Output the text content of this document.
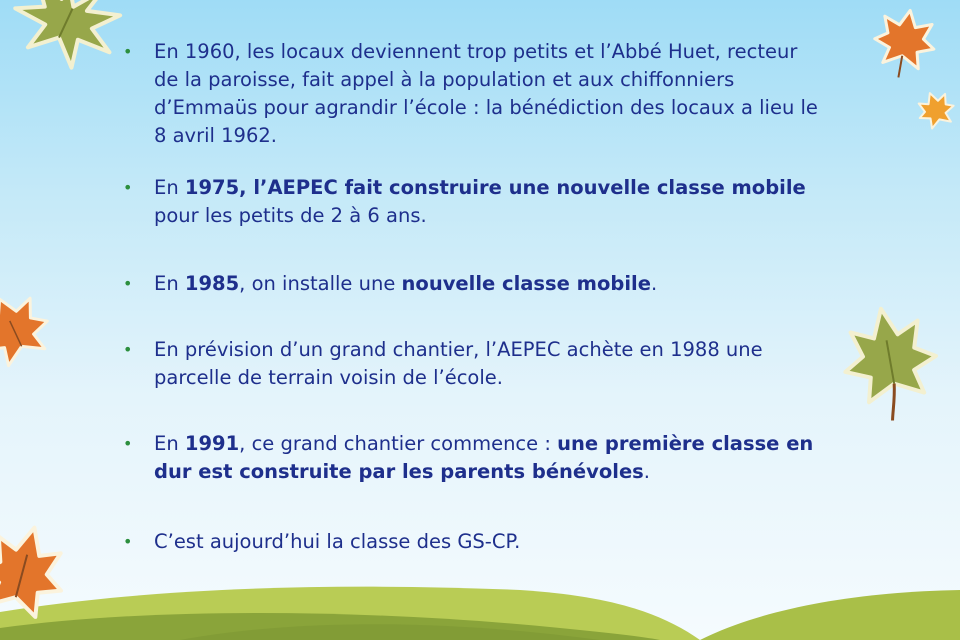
• En 1960, les locaux deviennent trop petits et l’Abbé Huet, recteur de la paroisse, fait appel à la population et aux chiffonniers d’Emmaüs pour agrandir l’école : la bénédiction des locaux a lieu le 8 avril 1962.
• En 1975, l’AEPEC fait construire une nouvelle classe mobile pour les petits de 2 à 6 ans.
• En 1985, on installe une nouvelle classe mobile.
• En prévision d’un grand chantier, l’AEPEC achète en 1988 une parcelle de terrain voisin de l’école.
• En 1991, ce grand chantier commence : une première classe en dur est construite par les parents bénévoles.
• C’est aujourd’hui la classe des GS-CP.
